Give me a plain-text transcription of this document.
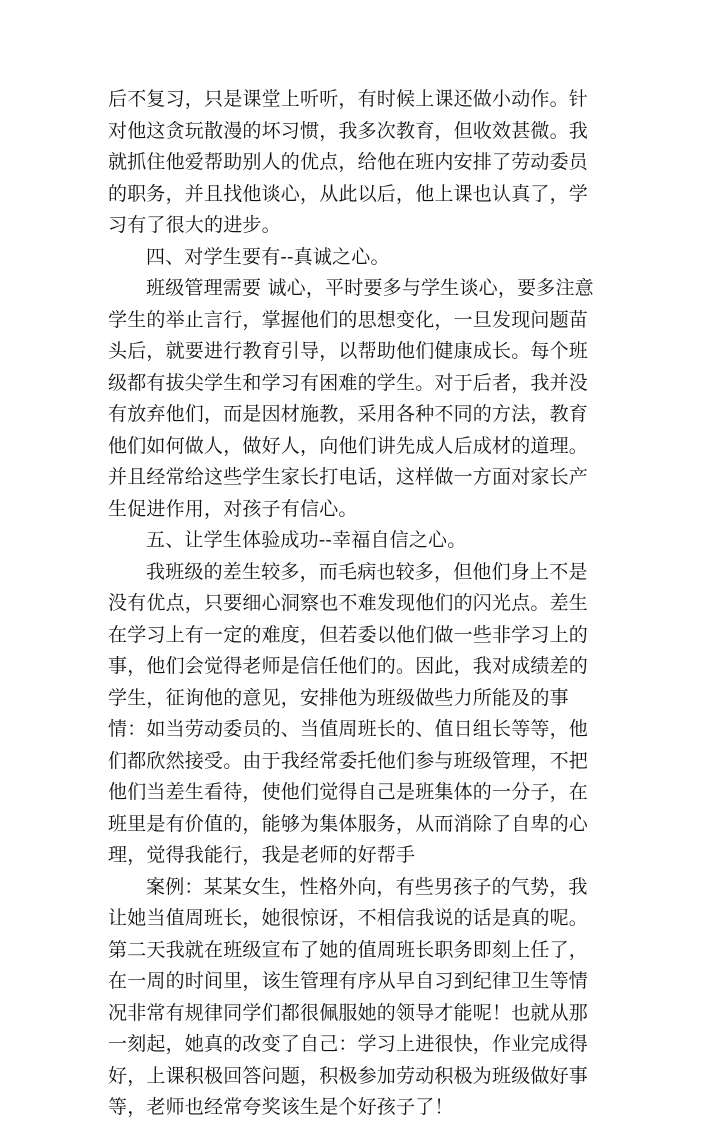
后不复习，只是课堂上听听，有时候上课还做小动作。针
对他这贪玩散漫的坏习惯，我多次教育，但收效甚微。我
就抓住他爱帮助别人的优点，给他在班内安排了劳动委员
的职务，并且找他谈心，从此以后，他上课也认真了，学
习有了很大的进步。
四、对学生要有--真诚之心。
班级管理需要 诚心，平时要多与学生谈心，要多注意
学生的举止言行，掌握他们的思想变化，一旦发现问题苗
头后，就要进行教育引导，以帮助他们健康成长。每个班
级都有拔尖学生和学习有困难的学生。对于后者，我并没
有放弃他们，而是因材施教，采用各种不同的方法，教育
他们如何做人，做好人，向他们讲先成人后成材的道理。
并且经常给这些学生家长打电话，这样做一方面对家长产
生促进作用，对孩子有信心。
五、让学生体验成功--幸福自信之心。
我班级的差生较多，而毛病也较多，但他们身上不是
没有优点，只要细心洞察也不难发现他们的闪光点。差生
在学习上有一定的难度，但若委以他们做一些非学习上的
事，他们会觉得老师是信任他们的。因此，我对成绩差的
学生，征询他的意见，安排他为班级做些力所能及的事
情：如当劳动委员的、当值周班长的、值日组长等等，他
们都欣然接受。由于我经常委托他们参与班级管理，不把
他们当差生看待，使他们觉得自己是班集体的一分子，在
班里是有价值的，能够为集体服务，从而消除了自卑的心
理，觉得我能行，我是老师的好帮手
案例：某某女生，性格外向，有些男孩子的气势，我
让她当值周班长，她很惊讶，不相信我说的话是真的呢。
第二天我就在班级宣布了她的值周班长职务即刻上任了，
在一周的时间里，该生管理有序从早自习到纪律卫生等情
况非常有规律同学们都很佩服她的领导才能呢！也就从那
一刻起，她真的改变了自己：学习上进很快，作业完成得
好，上课积极回答问题，积极参加劳动积极为班级做好事
等，老师也经常夸奖该生是个好孩子了！
